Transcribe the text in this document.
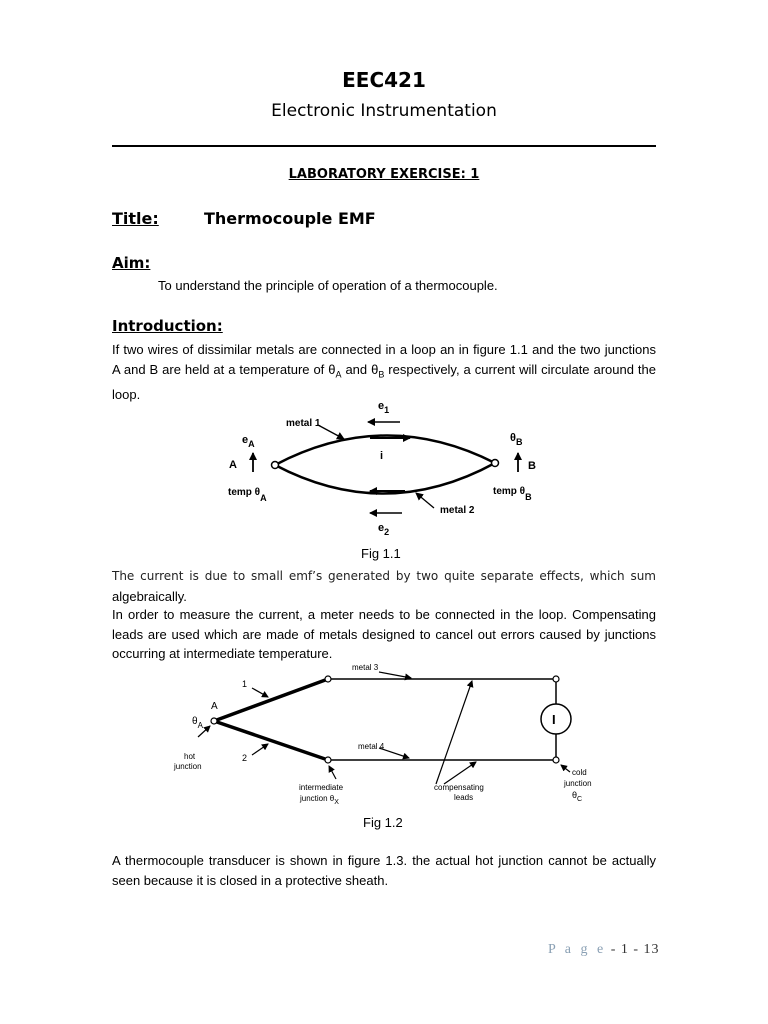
EEC421
Electronic Instrumentation
LABORATORY EXERCISE: 1
Title:	Thermocouple EMF
Aim:
To understand the principle of operation of a thermocouple.
Introduction:
If two wires of dissimilar metals are connected in a loop an in figure 1.1 and the two junctions A and B are held at a temperature of $\theta_A$ and $\theta_B$ respectively, a current will circulate around the loop.
$e_1$
$e_2$
metal 1
metal 2
i
$e_A$
A
temp θA
$\theta_B$
B
temp θB
Fig 1.1
The current is due to small emf’s generated by two quite separate effects, which sum algebraically.
In order to measure the current, a meter needs to be connected in the loop. Compensating leads are used which are made of metals designed to cancel out errors caused by junctions occurring at intermediate temperature.
I
metal 3
metal 4
1
2
A
$\theta_A$
hot
junction
intermediate
junction θX
compensating
leads
cold
junction
$\theta_C$
Fig 1.2
A thermocouple transducer is shown in figure 1.3. the actual hot junction cannot be actually seen because it is closed in a protective sheath.
P a g e - 1 - 13
